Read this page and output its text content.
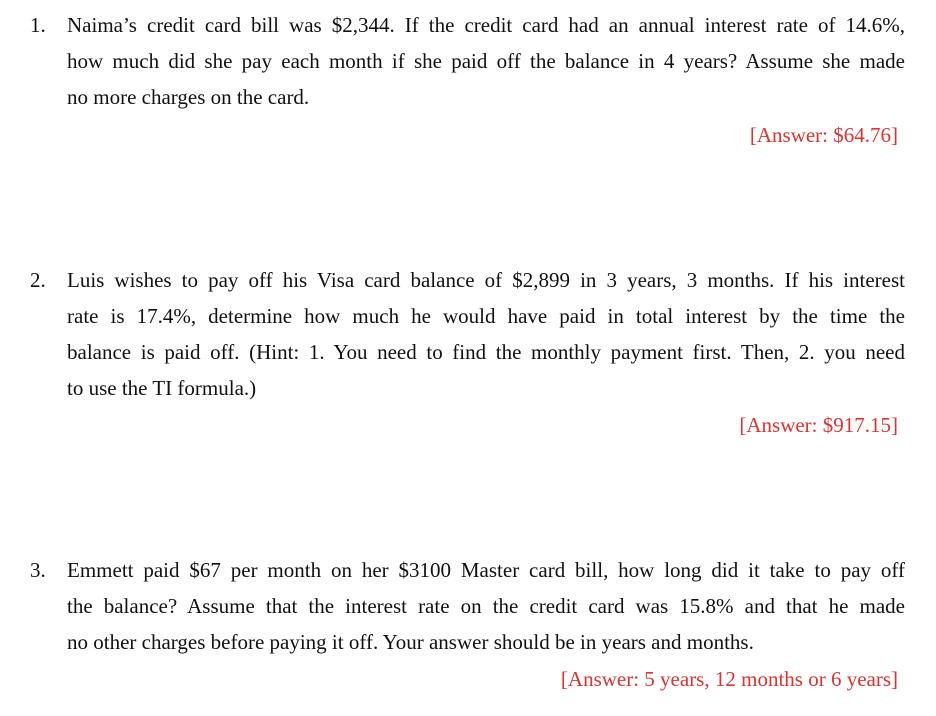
1. Naima’s credit card bill was $2,344. If the credit card had an annual interest rate of 14.6%,
how much did she pay each month if she paid off the balance in 4 years? Assume she made
no more charges on the card.
[Answer: $64.76]
2. Luis wishes to pay off his Visa card balance of $2,899 in 3 years, 3 months. If his interest
rate is 17.4%, determine how much he would have paid in total interest by the time the
balance is paid off. (Hint: 1. You need to find the monthly payment first. Then, 2. you need
to use the TI formula.)
[Answer: $917.15]
3. Emmett paid $67 per month on her $3100 Master card bill, how long did it take to pay off
the balance? Assume that the interest rate on the credit card was 15.8% and that he made
no other charges before paying it off. Your answer should be in years and months.
[Answer: 5 years, 12 months or 6 years]
